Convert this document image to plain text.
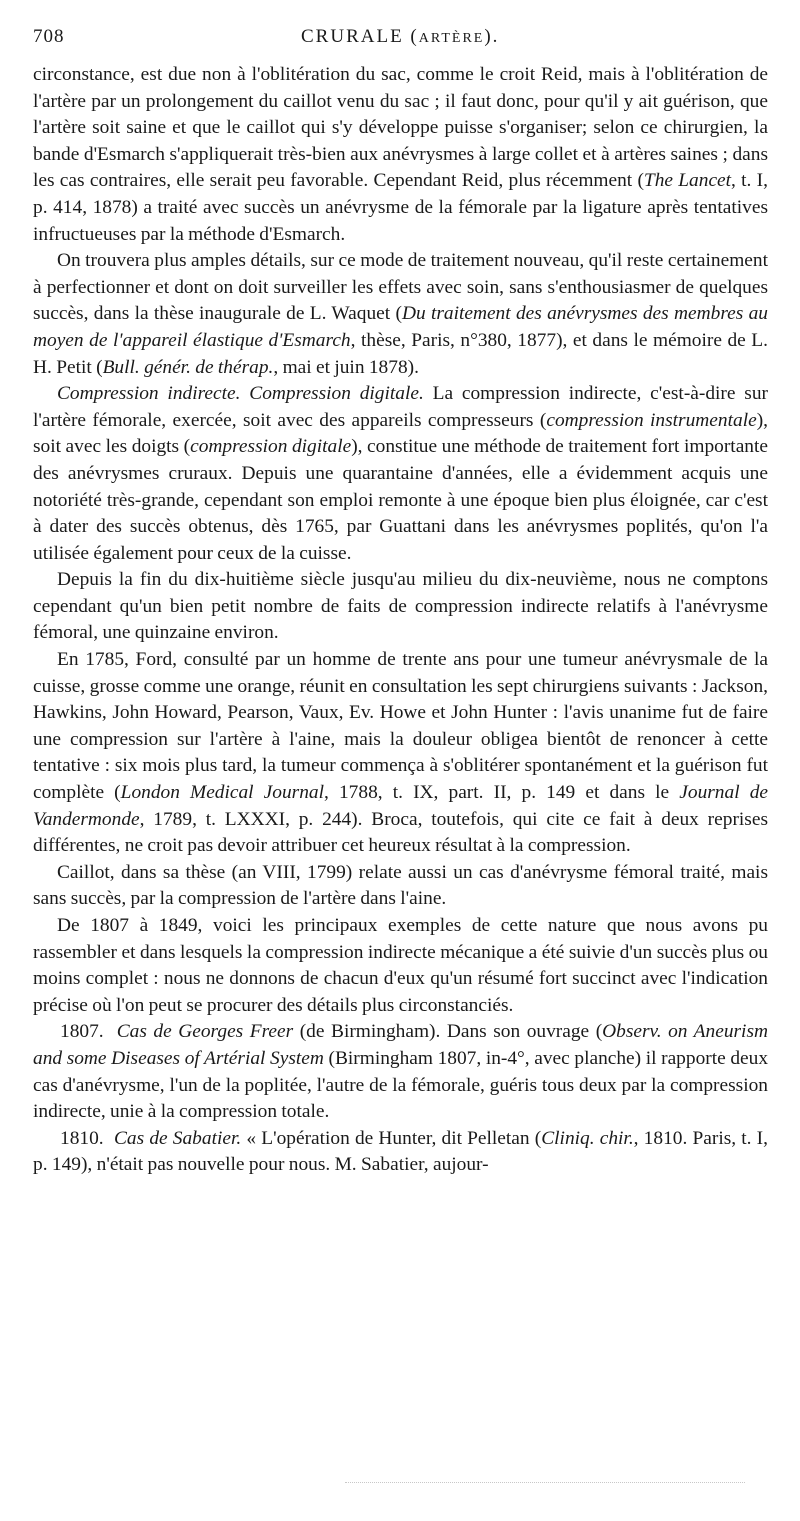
708	CRURALE (ARTÈRE).

circonstance, est due non à l'oblitération du sac, comme le croit Reid, mais à l'oblitération de l'artère par un prolongement du caillot venu du sac ; il faut donc, pour qu'il y ait guérison, que l'artère soit saine et que le caillot qui s'y développe puisse s'organiser; selon ce chirurgien, la bande d'Esmarch s'appliquerait très-bien aux anévrysmes à large collet et à artères saines ; dans les cas contraires, elle serait peu favorable. Cependant Reid, plus récemment (The Lancet, t. I, p. 414, 1878) a traité avec succès un anévrysme de la fémorale par la ligature après tentatives infructueuses par la méthode d'Esmarch.

On trouvera plus amples détails, sur ce mode de traitement nouveau, qu'il reste certainement à perfectionner et dont on doit surveiller les effets avec soin, sans s'enthousiasmer de quelques succès, dans la thèse inaugurale de L. Waquet (Du traitement des anévrysmes des membres au moyen de l'appareil élastique d'Esmarch, thèse, Paris, n°380, 1877), et dans le mémoire de L. H. Petit (Bull. génér. de thérap., mai et juin 1878).

Compression indirecte. Compression digitale. La compression indirecte, c'est-à-dire sur l'artère fémorale, exercée, soit avec des appareils compresseurs (compression instrumentale), soit avec les doigts (compression digitale), constitue une méthode de traitement fort importante des anévrysmes cruraux. Depuis une quarantaine d'années, elle a évidemment acquis une notoriété très-grande, cependant son emploi remonte à une époque bien plus éloignée, car c'est à dater des succès obtenus, dès 1765, par Guattani dans les anévrysmes poplités, qu'on l'a utilisée également pour ceux de la cuisse.

Depuis la fin du dix-huitième siècle jusqu'au milieu du dix-neuvième, nous ne comptons cependant qu'un bien petit nombre de faits de compression indirecte relatifs à l'anévrysme fémoral, une quinzaine environ.

En 1785, Ford, consulté par un homme de trente ans pour une tumeur anévrysmale de la cuisse, grosse comme une orange, réunit en consultation les sept chirurgiens suivants : Jackson, Hawkins, John Howard, Pearson, Vaux, Ev. Howe et John Hunter : l'avis unanime fut de faire une compression sur l'artère à l'aine, mais la douleur obligea bientôt de renoncer à cette tentative : six mois plus tard, la tumeur commença à s'oblitérer spontanément et la guérison fut complète (London Medical Journal, 1788, t. IX, part. II, p. 149 et dans le Journal de Vandermonde, 1789, t. LXXXI, p. 244). Broca, toutefois, qui cite ce fait à deux reprises différentes, ne croit pas devoir attribuer cet heureux résultat à la compression.

Caillot, dans sa thèse (an VIII, 1799) relate aussi un cas d'anévrysme fémoral traité, mais sans succès, par la compression de l'artère dans l'aine.

De 1807 à 1849, voici les principaux exemples de cette nature que nous avons pu rassembler et dans lesquels la compression indirecte mécanique a été suivie d'un succès plus ou moins complet : nous ne donnons de chacun d'eux qu'un résumé fort succinct avec l'indication précise où l'on peut se procurer des détails plus circonstanciés.

1807. Cas de Georges Freer (de Birmingham). Dans son ouvrage (Observ. on Aneurism and some Diseases of Artérial System (Birmingham 1807, in-4°, avec planche) il rapporte deux cas d'anévrysme, l'un de la poplitée, l'autre de la fémorale, guéris tous deux par la compression indirecte, unie à la compression totale.

1810. Cas de Sabatier. « L'opération de Hunter, dit Pelletan (Cliniq. chir., 1810. Paris, t. I, p. 149), n'était pas nouvelle pour nous. M. Sabatier, aujour-
